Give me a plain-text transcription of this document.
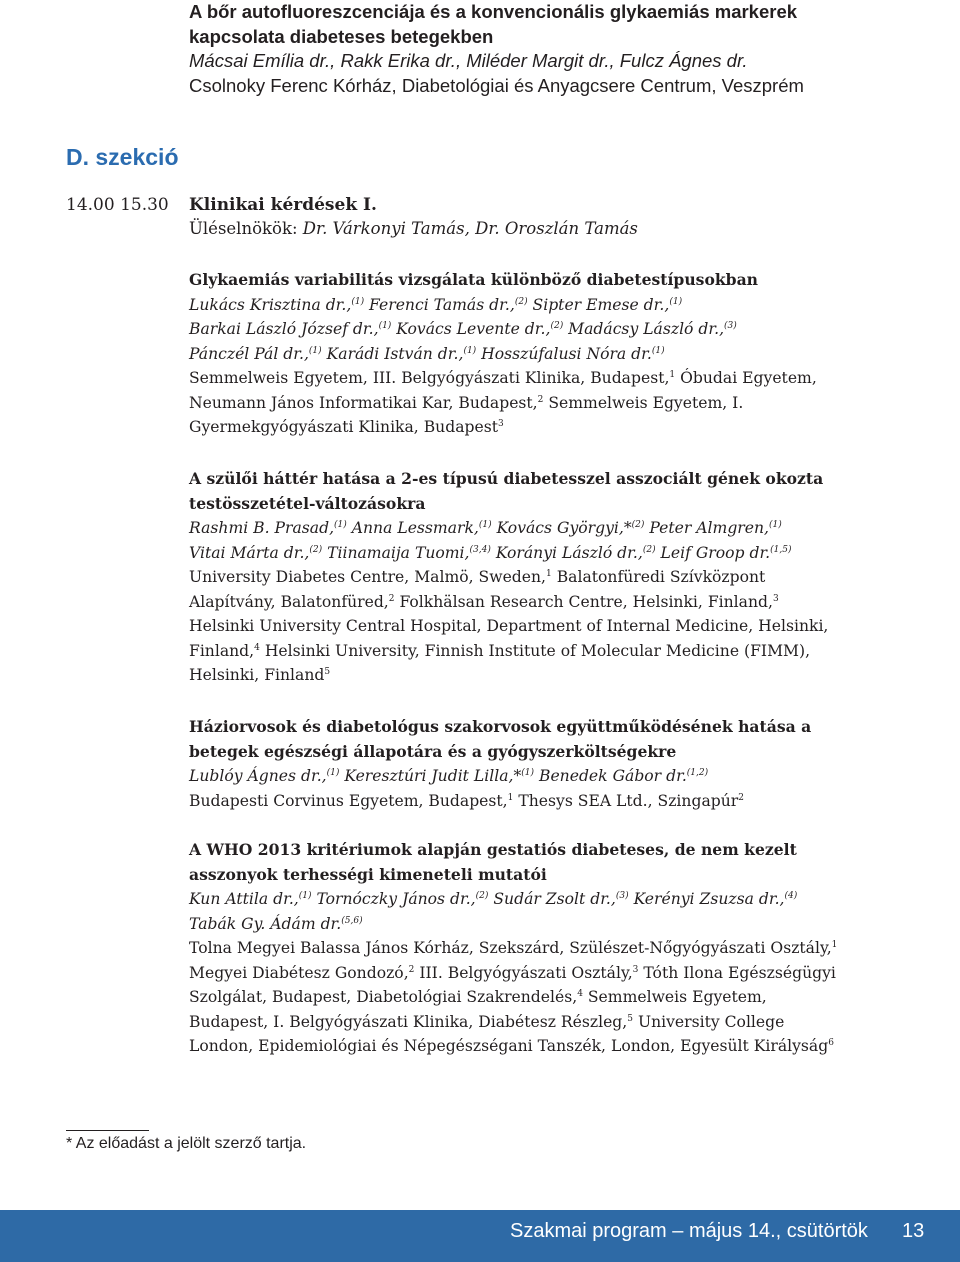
A bőr autofluoreszcenciája és a konvencionális glykaemiás markerek
kapcsolata diabeteses betegekben
Mácsai Emília dr., Rakk Erika dr., Miléder Margit dr., Fulcz Ágnes dr.
Csolnoky Ferenc Kórház, Diabetológiai és Anyagcsere Centrum, Veszprém
D. szekció
14.00 15.30 Klinikai kérdések I.
Üléselnökök: Dr. Várkonyi Tamás, Dr. Oroszlán Tamás
Glykaemiás variabilitás vizsgálata különböző diabetestípusokban
Lukács Krisztina dr.,$^{(1)}$ Ferenci Tamás dr.,$^{(2)}$ Sipter Emese dr.,$^{(1)}$
Barkai László József dr.,$^{(1)}$ Kovács Levente dr.,$^{(2)}$ Madácsy László dr.,$^{(3)}$
Pánczél Pál dr.,$^{(1)}$ Karádi István dr.,$^{(1)}$ Hosszúfalusi Nóra dr.$^{(1)}$
Semmelweis Egyetem, III. Belgyógyászati Klinika, Budapest,$^1$ Óbudai Egyetem,
Neumann János Informatikai Kar, Budapest,$^2$ Semmelweis Egyetem, I.
Gyermekgyógyászati Klinika, Budapest$^3$
A szülői háttér hatása a 2-es típusú diabetesszel asszociált gének okozta
testösszetétel-változásokra
Rashmi B. Prasad,$^{(1)}$ Anna Lessmark,$^{(1)}$ Kovács Györgyi,*$^{(2)}$ Peter Almgren,$^{(1)}$
Vitai Márta dr.,$^{(2)}$ Tiinamaija Tuomi,$^{(3,4)}$ Korányi László dr.,$^{(2)}$ Leif Groop dr.$^{(1,5)}$
University Diabetes Centre, Malmö, Sweden,$^1$ Balatonfüredi Szívközpont
Alapítvány, Balatonfüred,$^2$ Folkhälsan Research Centre, Helsinki, Finland,$^3$
Helsinki University Central Hospital, Department of Internal Medicine, Helsinki,
Finland,$^4$ Helsinki University, Finnish Institute of Molecular Medicine (FIMM),
Helsinki, Finland$^5$
Háziorvosok és diabetológus szakorvosok együttműködésének hatása a
betegek egészségi állapotára és a gyógyszerköltségekre
Lublóy Ágnes dr.,$^{(1)}$ Keresztúri Judit Lilla,*$^{(1)}$ Benedek Gábor dr.$^{(1,2)}$
Budapesti Corvinus Egyetem, Budapest,$^1$ Thesys SEA Ltd., Szingapúr$^2$
A WHO 2013 kritériumok alapján gestatiós diabeteses, de nem kezelt
asszonyok terhességi kimeneteli mutatói
Kun Attila dr.,$^{(1)}$ Tornóczky János dr.,$^{(2)}$ Sudár Zsolt dr.,$^{(3)}$ Kerényi Zsuzsa dr.,$^{(4)}$
Tabák Gy. Ádám dr.$^{(5,6)}$
Tolna Megyei Balassa János Kórház, Szekszárd, Szülészet-Nőgyógyászati Osztály,$^1$
Megyei Diabétesz Gondozó,$^2$ III. Belgyógyászati Osztály,$^3$ Tóth Ilona Egészségügyi
Szolgálat, Budapest, Diabetológiai Szakrendelés,$^4$ Semmelweis Egyetem,
Budapest, I. Belgyógyászati Klinika, Diabétesz Részleg,$^5$ University College
London, Epidemiológiai és Népegészségani Tanszék, London, Egyesült Királyság$^6$
* Az előadást a jelölt szerző tartja.
Szakmai program – május 14., csütörtök 13
